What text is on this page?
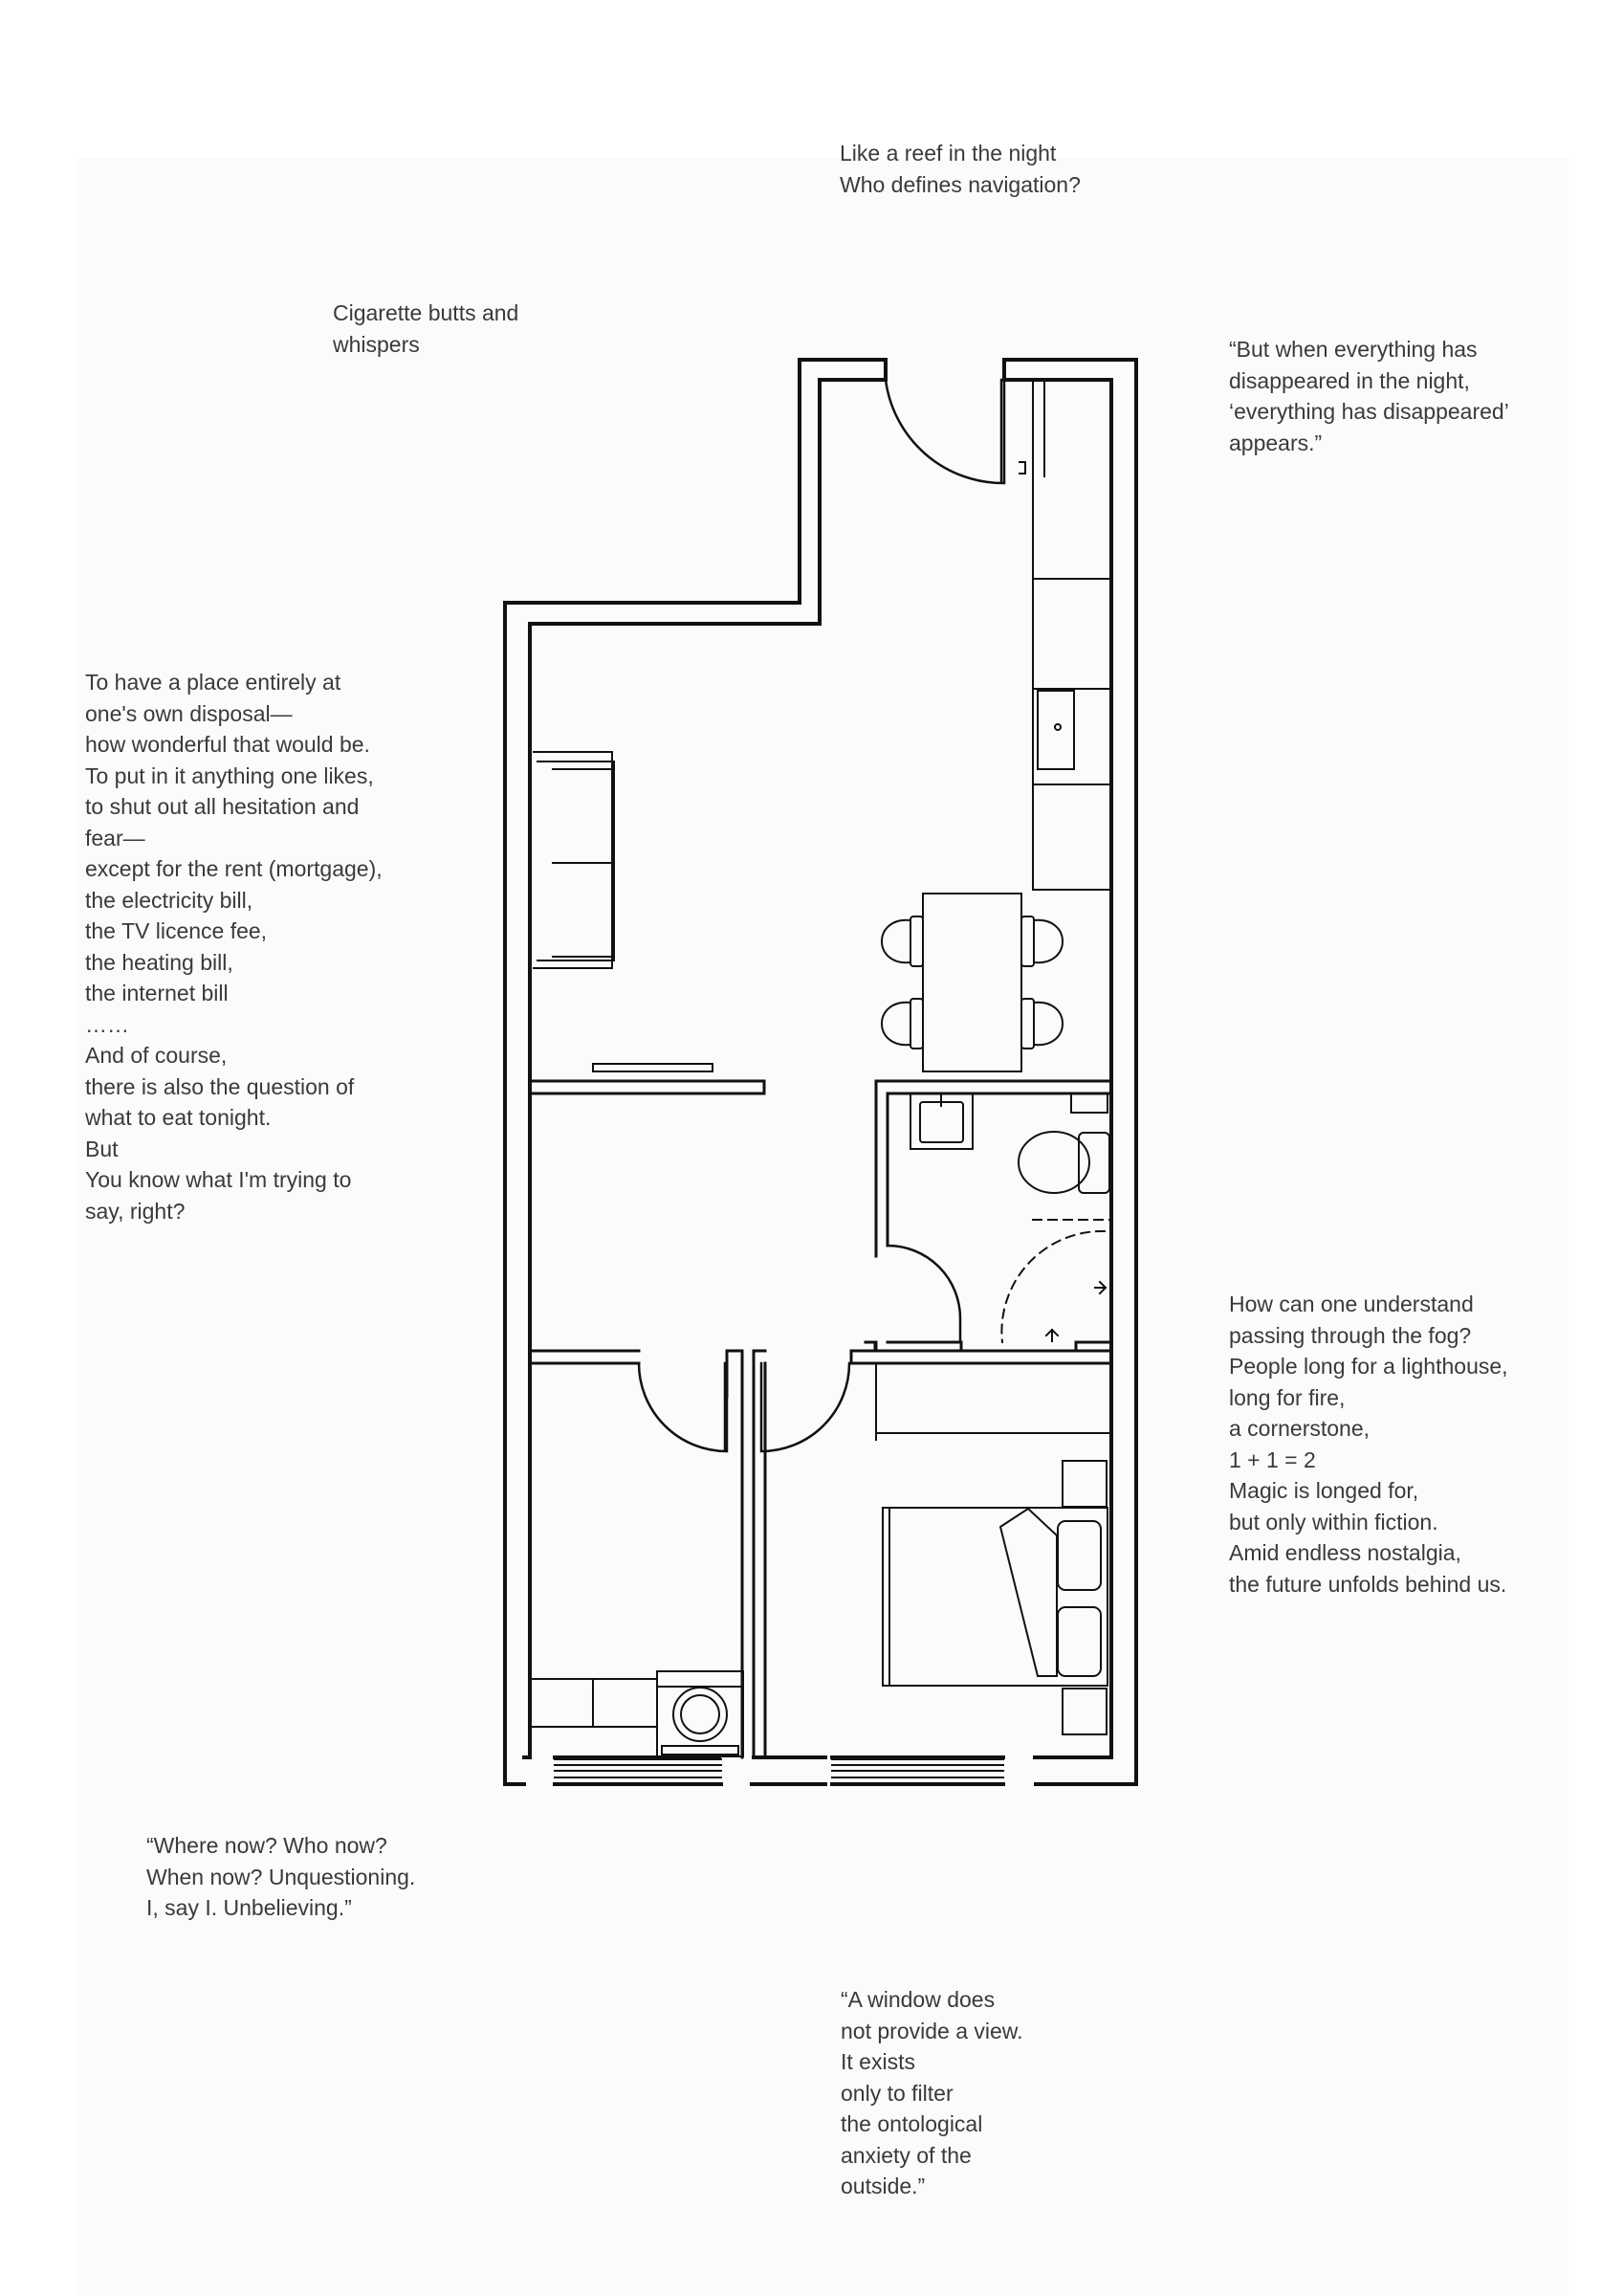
Like a reef in the night
Who defines navigation?

Cigarette butts and
whispers	“But when everything has
disappeared in the night,
‘everything has disappeared’
appears.”

To have a place entirely at
one's own disposal—
how wonderful that would be.
To put in it anything one likes,
to shut out all hesitation and
fear—
except for the rent (mortgage),
the electricity bill,
the TV licence fee,
the heating bill,
the internet bill
……
And of course,
there is also the question of
what to eat tonight.
But
You know what I'm trying to
say, right?

How can one understand
passing through the fog?
People long for a lighthouse,
long for fire,
a cornerstone,
1 + 1 = 2
Magic is longed for,
but only within fiction.
Amid endless nostalgia,
the future unfolds behind us.

“Where now? Who now?
When now? Unquestioning.
I, say I. Unbelieving.”

“A window does
not provide a view.
It exists
only to filter
the ontological
anxiety of the
outside.”
